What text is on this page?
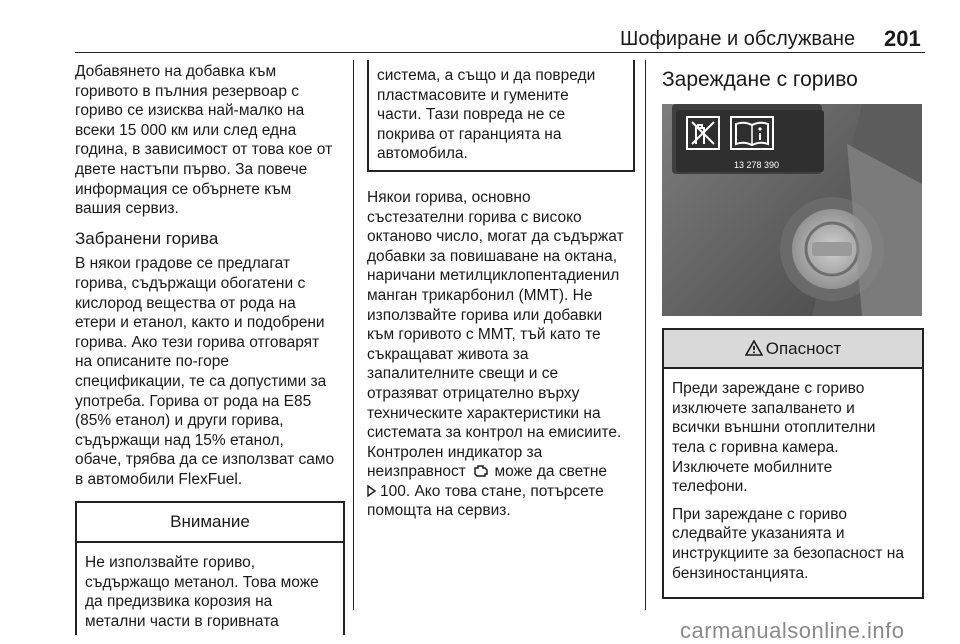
Шофиране и обслужване 201

Добавянето на добавка към
горивото в пълния резервоар с
гориво се изисква най-малко на
всеки 15 000 км или след една
година, в зависимост от това кое от
двете настъпи първо. За повече
информация се обърнете към
вашия сервиз.

Забранени горива

В някои градове се предлагат
горива, съдържащи обогатени с
кислород вещества от рода на
етери и етанол, както и подобрени
горива. Ако тези горива отговарят
на описаните по-горе
спецификации, те са допустими за
употреба. Горива от рода на E85
(85% етанол) и други горива,
съдържащи над 15% етанол,
обаче, трябва да се използват само
в автомобили FlexFuel.

Внимание
Не използвайте гориво,
съдържащо метанол. Това може
да предизвика корозия на
метални части в горивната
система, а също и да повреди
пластмасовите и гумените
части. Тази повреда не се
покрива от гаранцията на
автомобила.

Някои горива, основно
състезателни горива с високо
октаново число, могат да съдържат
добавки за повишаване на октана,
наричани метилциклопентадиенил
манган трикарбонил (MMT). Не
използвайте горива или добавки
към горивото с MMT, тъй като те
съкращават живота за
запалителните свещи и се
отразяват отрицателно върху
техническите характеристики на
системата за контрол на емисиите.
Контролен индикатор за
неизправност  може да светне
100. Ако това стане, потърсете
помощта на сервиз.

Зареждане с гориво
13 278 390
Опасност

Преди зареждане с гориво
изключете запалването и
всички външни отоплителни
тела с горивна камера.
Изключете мобилните
телефони.

При зареждане с гориво
следвайте указанията и
инструкциите за безопасност на
бензиностанцията.

carmanualsonline.info
